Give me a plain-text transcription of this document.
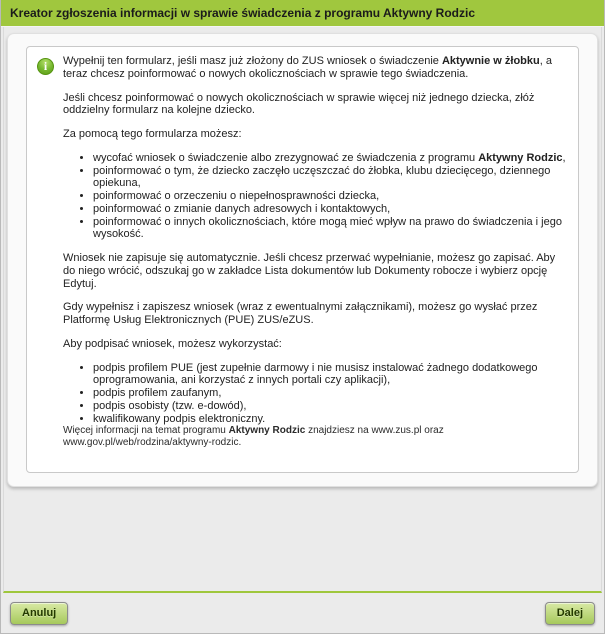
Kreator zgłoszenia informacji w sprawie świadczenia z programu Aktywny Rodzic
i	Wypełnij ten formularz, jeśli masz już złożony do ZUS wniosek o świadczenie Aktywnie w żłobku, a teraz chcesz poinformować o nowych okolicznościach w sprawie tego świadczenia.

Jeśli chcesz poinformować o nowych okolicznościach w sprawie więcej niż jednego dziecka, złóż oddzielny formularz na kolejne dziecko.

Za pomocą tego formularza możesz:

• wycofać wniosek o świadczenie albo zrezygnować ze świadczenia z programu Aktywny Rodzic,
• poinformować o tym, że dziecko zaczęło uczęszczać do żłobka, klubu dziecięcego, dziennego opiekuna,
• poinformować o orzeczeniu o niepełnosprawności dziecka,
• poinformować o zmianie danych adresowych i kontaktowych,
• poinformować o innych okolicznościach, które mogą mieć wpływ na prawo do świadczenia i jego wysokość.

Wniosek nie zapisuje się automatycznie. Jeśli chcesz przerwać wypełnianie, możesz go zapisać. Aby do niego wrócić, odszukaj go w zakładce Lista dokumentów lub Dokumenty robocze i wybierz opcję Edytuj.

Gdy wypełnisz i zapiszesz wniosek (wraz z ewentualnymi załącznikami), możesz go wysłać przez Platformę Usług Elektronicznych (PUE) ZUS/eZUS.

Aby podpisać wniosek, możesz wykorzystać:

• podpis profilem PUE (jest zupełnie darmowy i nie musisz instalować żadnego dodatkowego oprogramowania, ani korzystać z innych portali czy aplikacji),
• podpis profilem zaufanym,
• podpis osobisty (tzw. e-dowód),
• kwalifikowany podpis elektroniczny.

Więcej informacji na temat programu Aktywny Rodzic znajdziesz na www.zus.pl oraz www.gov.pl/web/rodzina/aktywny-rodzic.

Anuluj	Dalej
